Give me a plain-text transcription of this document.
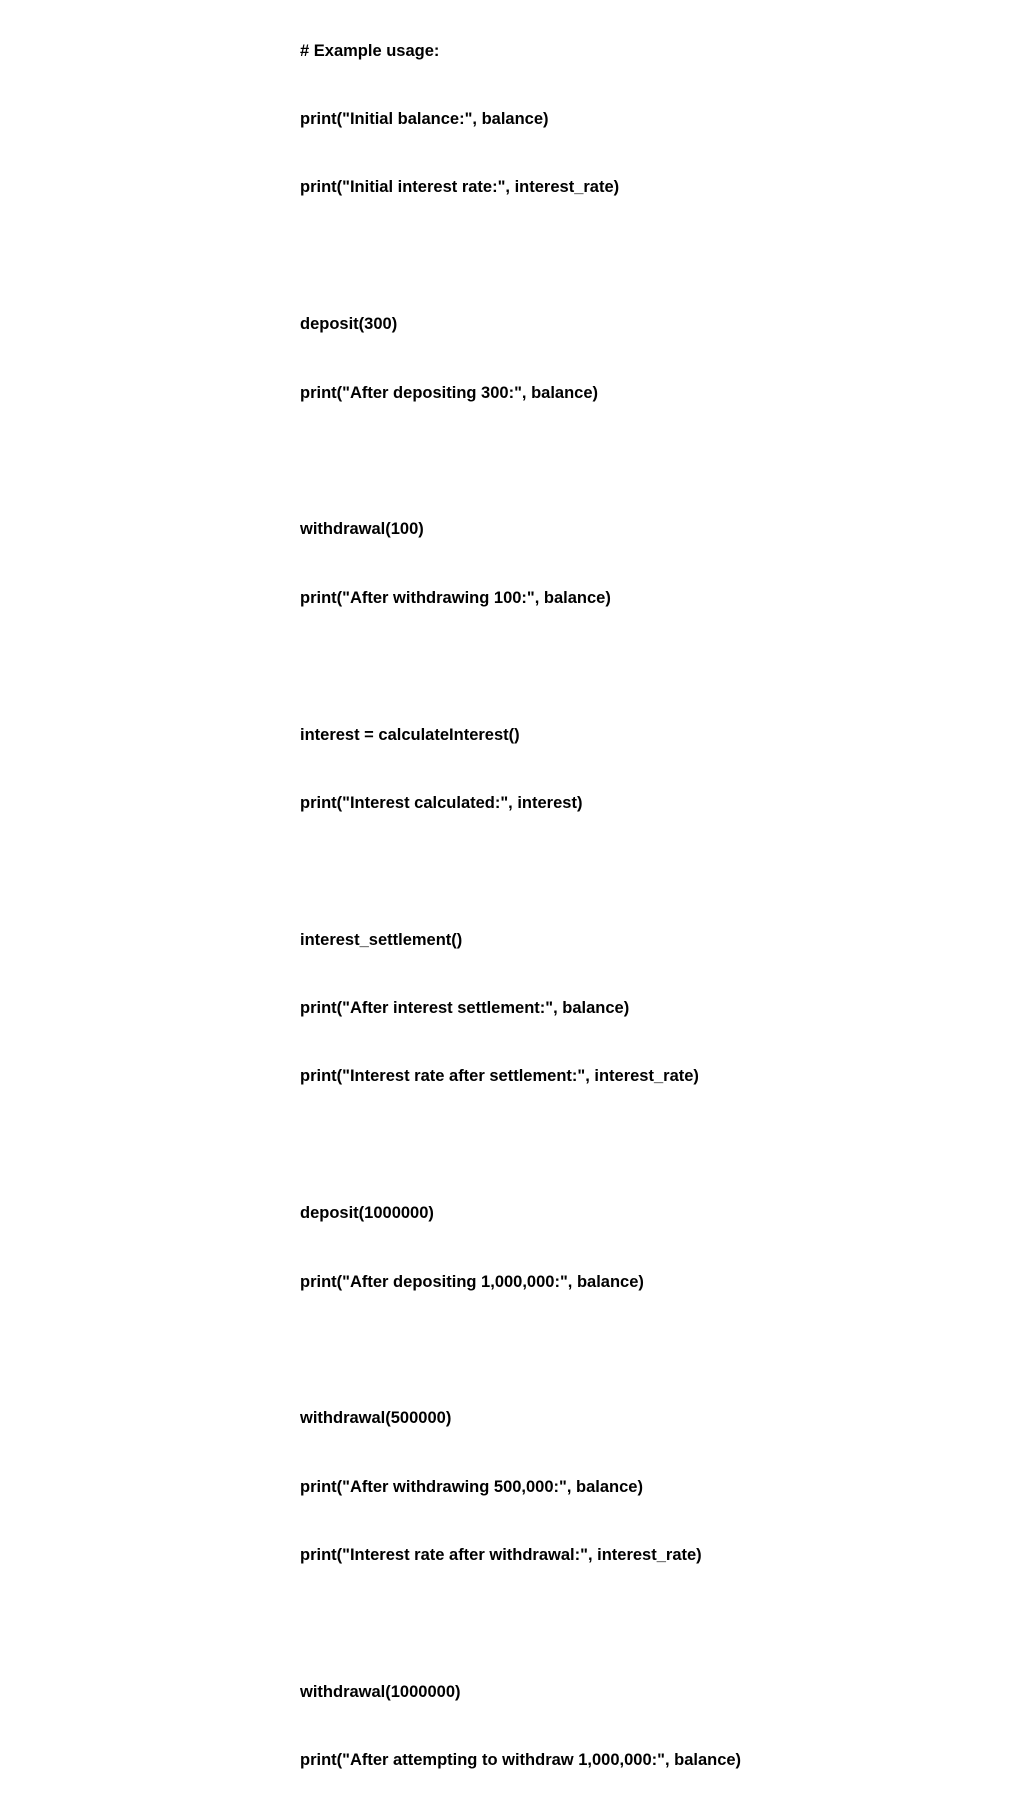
# Example usage:

print("Initial balance:", balance)

print("Initial interest rate:", interest_rate)

deposit(300)

print("After depositing 300:", balance)

withdrawal(100)

print("After withdrawing 100:", balance)

interest = calculateInterest()

print("Interest calculated:", interest)

interest_settlement()

print("After interest settlement:", balance)

print("Interest rate after settlement:", interest_rate)

deposit(1000000)

print("After depositing 1,000,000:", balance)

withdrawal(500000)

print("After withdrawing 500,000:", balance)

print("Interest rate after withdrawal:", interest_rate)

withdrawal(1000000)

print("After attempting to withdraw 1,000,000:", balance)
